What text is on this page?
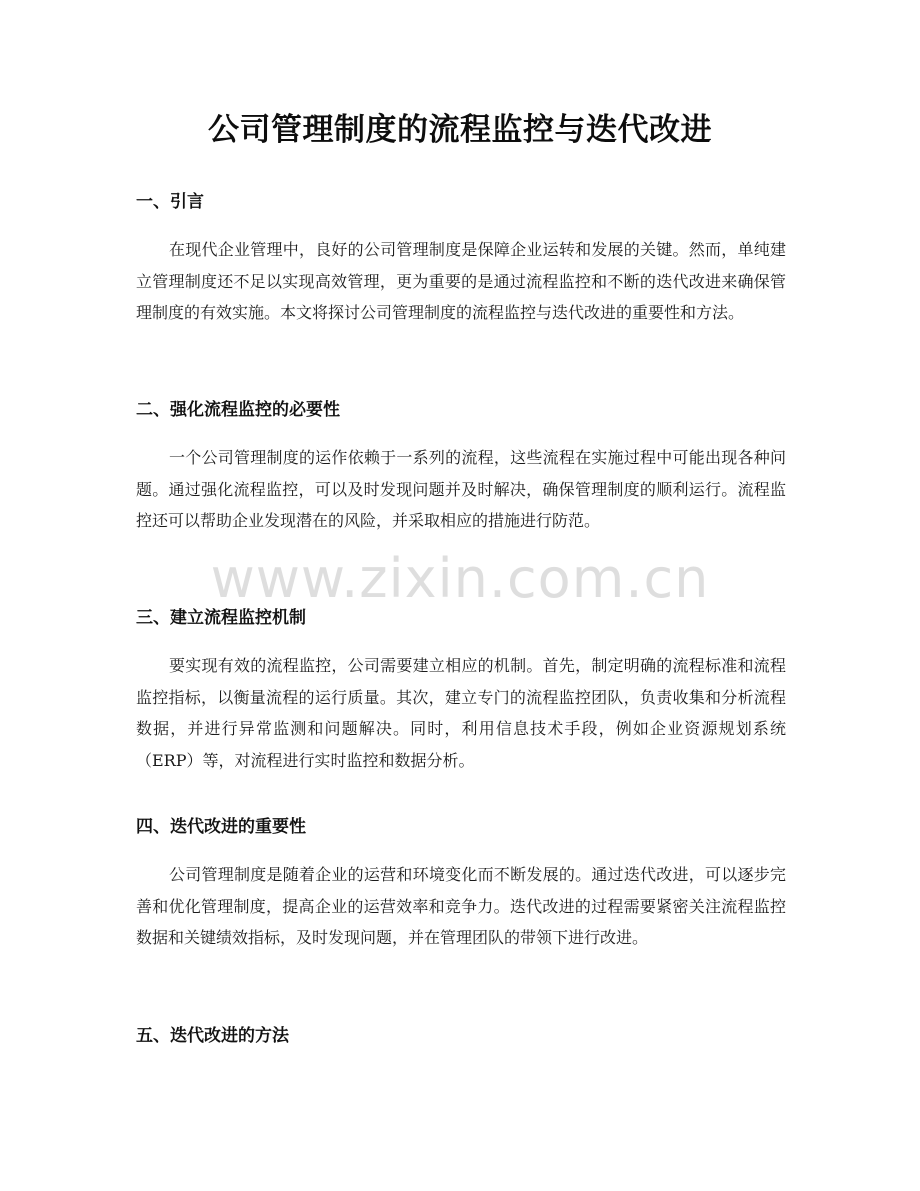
公司管理制度的流程监控与迭代改进
一、引言
在现代企业管理中，良好的公司管理制度是保障企业运转和发展的关键。然而，单纯建立管理制度还不足以实现高效管理，更为重要的是通过流程监控和不断的迭代改进来确保管理制度的有效实施。本文将探讨公司管理制度的流程监控与迭代改进的重要性和方法。
二、强化流程监控的必要性
一个公司管理制度的运作依赖于一系列的流程，这些流程在实施过程中可能出现各种问题。通过强化流程监控，可以及时发现问题并及时解决，确保管理制度的顺利运行。流程监控还可以帮助企业发现潜在的风险，并采取相应的措施进行防范。
三、建立流程监控机制
要实现有效的流程监控，公司需要建立相应的机制。首先，制定明确的流程标准和流程监控指标，以衡量流程的运行质量。其次，建立专门的流程监控团队，负责收集和分析流程数据，并进行异常监测和问题解决。同时，利用信息技术手段，例如企业资源规划系统（ERP）等，对流程进行实时监控和数据分析。
四、迭代改进的重要性
公司管理制度是随着企业的运营和环境变化而不断发展的。通过迭代改进，可以逐步完善和优化管理制度，提高企业的运营效率和竞争力。迭代改进的过程需要紧密关注流程监控数据和关键绩效指标，及时发现问题，并在管理团队的带领下进行改进。
五、迭代改进的方法
www.zixin.com.cn
